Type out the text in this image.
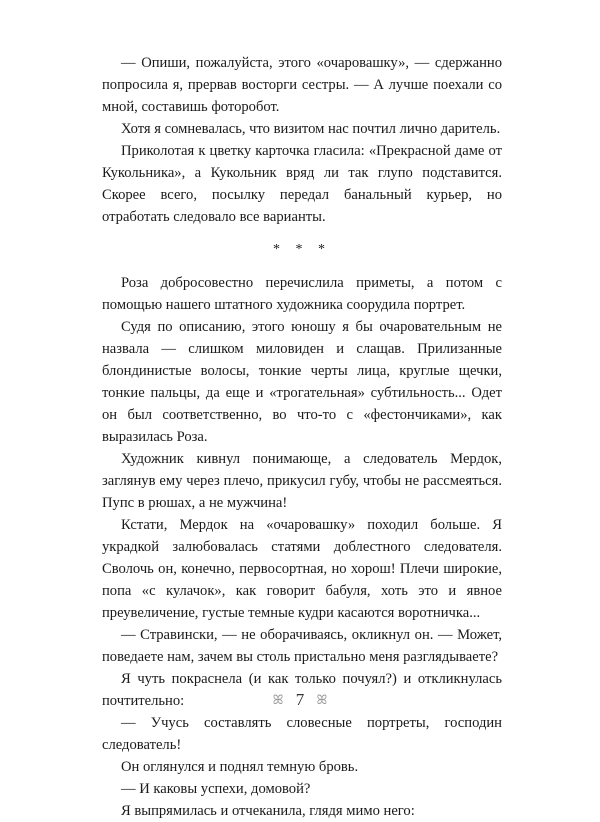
— Опиши, пожалуйста, этого «очаровашку», — сдержанно попросила я, прервав восторги сестры. — А лучше поехали со мной, составишь фоторобот.

Хотя я сомневалась, что визитом нас почтил лично даритель.

Приколотая к цветку карточка гласила: «Прекрасной даме от Кукольника», а Кукольник вряд ли так глупо подставится. Скорее всего, посылку передал банальный курьер, но отработать следовало все варианты.

* * *

Роза добросовестно перечислила приметы, а потом с помощью нашего штатного художника соорудила портрет.

Судя по описанию, этого юношу я бы очаровательным не назвала — слишком миловиден и слащав. Прилизанные блондинистые волосы, тонкие черты лица, круглые щечки, тонкие пальцы, да еще и «трогательная» субтильность... Одет он был соответственно, во что-то с «фестончиками», как выразилась Роза.

Художник кивнул понимающе, а следователь Мердок, заглянув ему через плечо, прикусил губу, чтобы не рассмеяться. Пупс в рюшах, а не мужчина!

Кстати, Мердок на «очаровашку» походил больше. Я украдкой залюбовалась статями доблестного следователя. Сволочь он, конечно, первосортная, но хорош! Плечи широкие, попа «с кулачок», как говорит бабуля, хоть это и явное преувеличение, густые темные кудри касаются воротничка...

— Стравински, — не оборачиваясь, окликнул он. — Может, поведаете нам, зачем вы столь пристально меня разглядываете?

Я чуть покраснела (и как только почуял?) и откликнулась почтительно:

— Учусь составлять словесные портреты, господин следователь!

Он оглянулся и поднял темную бровь.

— И каковы успехи, домовой?

Я выпрямилась и отчеканила, глядя мимо него:

ꕤ 7 ꕤ
